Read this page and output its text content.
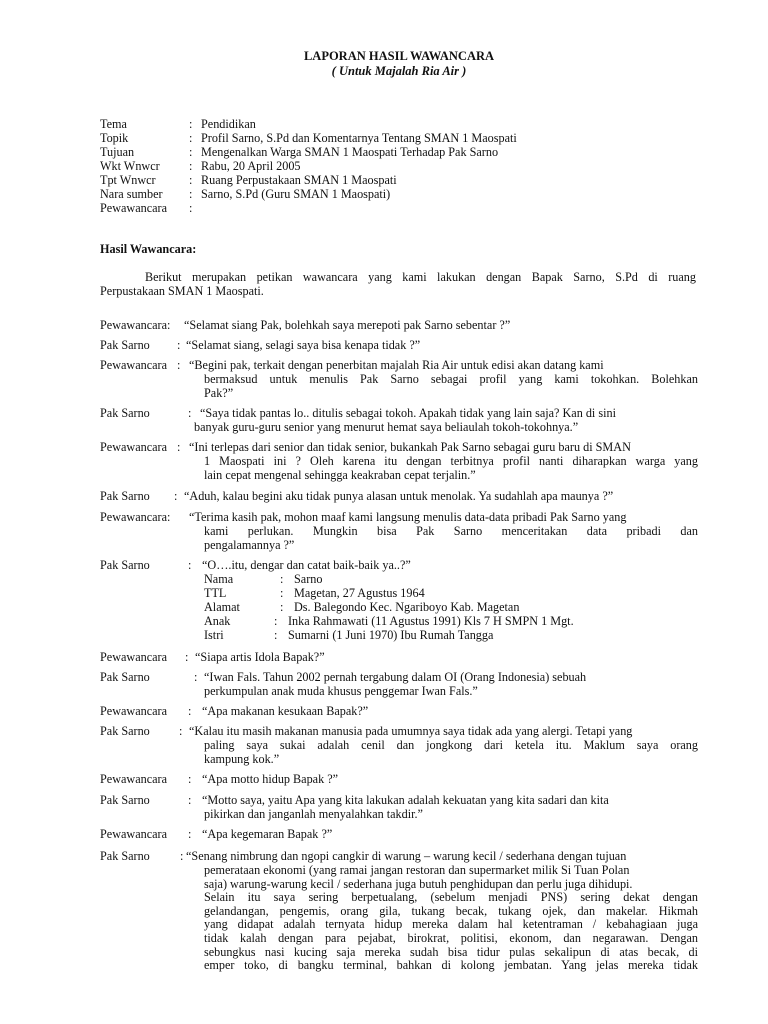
LAPORAN HASIL WAWANCARA
( Untuk Majalah Ria Air )
Tema	: Pendidikan
Topik	: Profil Sarno, S.Pd dan Komentarnya Tentang SMAN 1 Maospati
Tujuan	: Mengenalkan Warga SMAN 1 Maospati Terhadap Pak Sarno
Wkt Wnwcr : Rabu, 20 April 2005
Tpt Wnwcr	: Ruang Perpustakaan SMAN 1 Maospati
Nara sumber : Sarno, S.Pd (Guru SMAN 1 Maospati)
Pewawancara :
Hasil Wawancara:
Berikut merupakan petikan wawancara yang kami lakukan dengan Bapak Sarno, S.Pd di ruang
Perpustakaan SMAN 1 Maospati.
Pewawancara: “Selamat siang Pak, bolehkah saya merepoti pak Sarno sebentar ?”
Pak Sarno : “Selamat siang, selagi saya bisa kenapa tidak ?”
Pewawancara : “Begini pak, terkait dengan penerbitan majalah Ria Air untuk edisi akan datang kami

bermaksud untuk menulis Pak Sarno sebagai profil yang kami tokohkan. Bolehkan

Pak?”

Pak Sarno	: “Saya tidak pantas lo.. ditulis sebagai tokoh. Apakah tidak yang lain saja? Kan di sini

banyak guru-guru senior yang menurut hemat saya beliaulah tokoh-tokohnya.”

Pewawancara : “Ini terlepas dari senior dan tidak senior, bukankah Pak Sarno sebagai guru baru di SMAN

1 Maospati ini ? Oleh karena itu dengan terbitnya profil nanti diharapkan warga yang

lain cepat mengenal sehingga keakraban cepat terjalin.”

Pak Sarno : “Aduh, kalau begini aku tidak punya alasan untuk menolak. Ya sudahlah apa maunya ?”
Pewawancara: “Terima kasih pak, mohon maaf kami langsung menulis data-data pribadi Pak Sarno yang

kami perlukan. Mungkin bisa Pak Sarno menceritakan data pribadi dan

pengalamannya ?”

Pak Sarno	: “O….itu, dengar dan catat baik-baik ya..?”
Nama	: Sarno
TTL	: Magetan, 27 Agustus 1964
Alamat	: Ds. Balegondo Kec. Ngariboyo Kab. Magetan
Anak	: Inka Rahmawati (11 Agustus 1991) Kls 7 H SMPN 1 Mgt.
Istri	: Sumarni (1 Juni 1970) Ibu Rumah Tangga
Pewawancara : “Siapa artis Idola Bapak?”
Pak Sarno	: “Iwan Fals. Tahun 2002 pernah tergabung dalam OI (Orang Indonesia) sebuah

perkumpulan anak muda khusus penggemar Iwan Fals.”

Pewawancara : “Apa makanan kesukaan Bapak?”
Pak Sarno : “Kalau itu masih makanan manusia pada umumnya saya tidak ada yang alergi. Tetapi yang

paling saya sukai adalah cenil dan jongkong dari ketela itu. Maklum saya orang

kampung kok.”

Pewawancara : “Apa motto hidup Bapak ?”
Pak Sarno	: “Motto saya, yaitu Apa yang kita lakukan adalah kekuatan yang kita sadari dan kita

pikirkan dan janganlah menyalahkan takdir.”

Pewawancara : “Apa kegemaran Bapak ?”
Pak Sarno : “Senang nimbrung dan ngopi cangkir di warung – warung kecil / sederhana dengan tujuan

pemerataan ekonomi (yang ramai jangan restoran dan supermarket milik Si Tuan Polan

saja) warung-warung kecil / sederhana juga butuh penghidupan dan perlu juga dihidupi.

Selain itu saya sering berpetualang, (sebelum menjadi PNS) sering dekat dengan

gelandangan, pengemis, orang gila, tukang becak, tukang ojek, dan makelar. Hikmah

yang didapat adalah ternyata hidup mereka dalam hal ketentraman / kebahagiaan juga

tidak kalah dengan para pejabat, birokrat, politisi, ekonom, dan negarawan. Dengan

sebungkus nasi kucing saja mereka sudah bisa tidur pulas sekalipun di atas becak, di

emper toko, di bangku terminal, bahkan di kolong jembatan. Yang jelas mereka tidak
